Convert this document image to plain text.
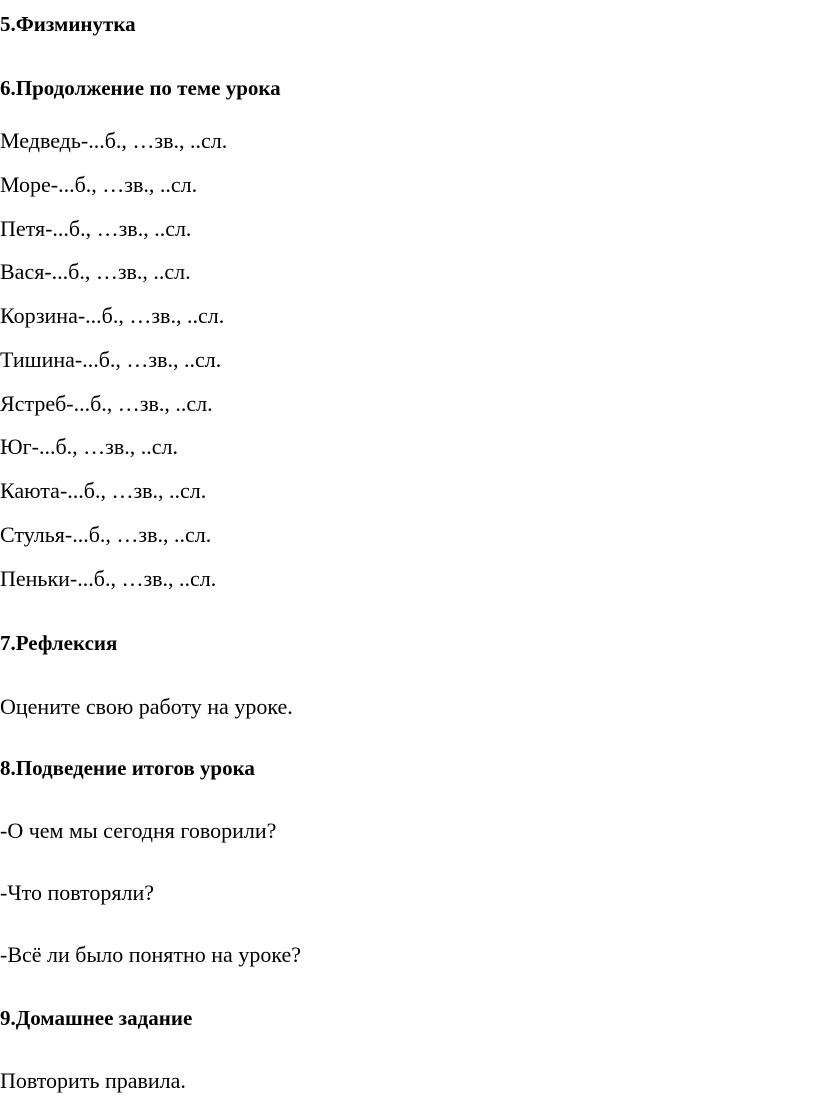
5.Физминутка

6.Продолжение по теме урока

Медведь-...б., …зв., ..сл.

Море-...б., …зв., ..сл.

Петя-...б., …зв., ..сл.

Вася-...б., …зв., ..сл.

Корзина-...б., …зв., ..сл.

Тишина-...б., …зв., ..сл.

Ястреб-...б., …зв., ..сл.

Юг-...б., …зв., ..сл.

Каюта-...б., …зв., ..сл.

Стулья-...б., …зв., ..сл.

Пеньки-...б., …зв., ..сл.

7.Рефлексия

Оцените свою работу на уроке.

8.Подведение итогов урока

-О чем мы сегодня говорили?

-Что повторяли?

-Всё ли было понятно на уроке?

9.Домашнее задание

Повторить правила.
